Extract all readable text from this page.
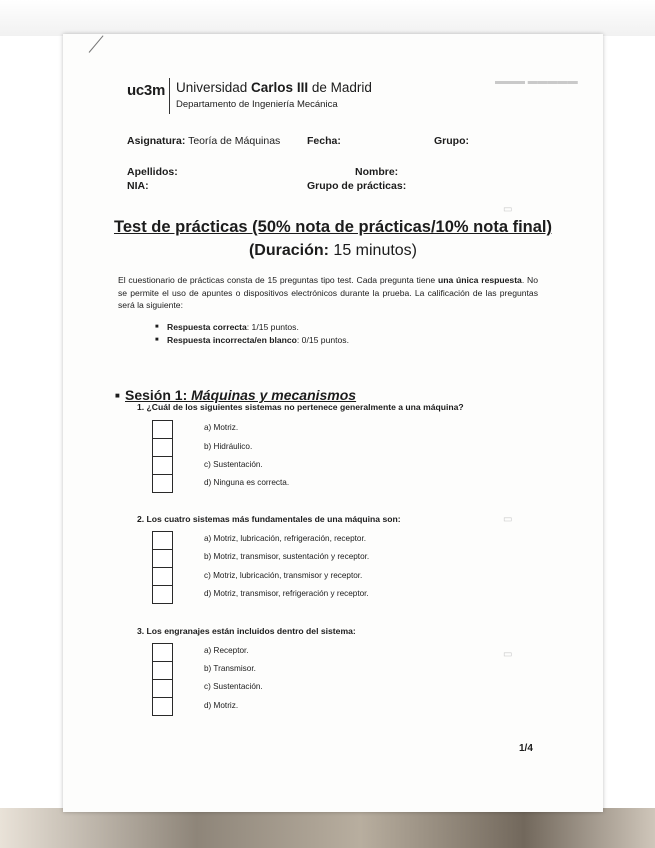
▬▬▬ ▬▬▬▬▬
▭
▭
▭
uc3m Universidad Carlos III de Madrid
Departamento de Ingeniería Mecánica
Asignatura: Teoría de Máquinas	Fecha:	Grupo:
Apellidos:	Nombre:
NIA:	Grupo de prácticas:
Test de prácticas (50% nota de prácticas/10% nota final)
(Duración: 15 minutos)
El cuestionario de prácticas consta de 15 preguntas tipo test. Cada pregunta tiene una única respuesta. No se permite el uso de apuntes o dispositivos electrónicos durante la prueba. La calificación de las preguntas será la siguiente:
■ Respuesta correcta: 1/15 puntos.
■ Respuesta incorrecta/en blanco: 0/15 puntos.
■ Sesión 1: Máquinas y mecanismos
1. ¿Cuál de los siguientes sistemas no pertenece generalmente a una máquina?
a) Motriz.
b) Hidráulico.
c) Sustentación.
d) Ninguna es correcta.
2. Los cuatro sistemas más fundamentales de una máquina son:
a) Motriz, lubricación, refrigeración, receptor.
b) Motriz, transmisor, sustentación y receptor.
c) Motriz, lubricación, transmisor y receptor.
d) Motriz, transmisor, refrigeración y receptor.
3. Los engranajes están incluidos dentro del sistema:
a) Receptor.
b) Transmisor.
c) Sustentación.
d) Motriz.
1/4
